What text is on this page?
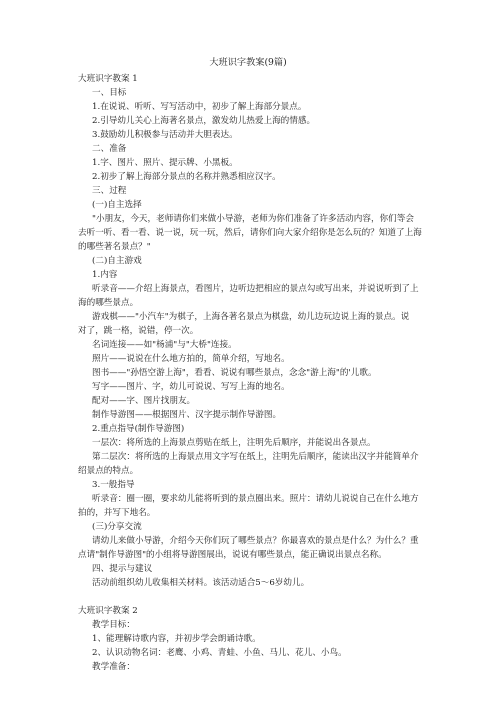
大班识字教案(9篇)
大班识字教案 1
一、目标
1.在说说、听听、写写活动中，初步了解上海部分景点。
2.引导幼儿关心上海著名景点，激发幼儿热爱上海的情感。
3.鼓励幼儿积极参与活动并大胆表达。
二、准备
1.字、图片、照片、提示牌、小黑板。
2.初步了解上海部分景点的名称并熟悉相应汉字。
三、过程
(一)自主选择
"小朋友，今天，老师请你们来做小导游，老师为你们准备了许多活动内容，你们等会
去听一听、看一看、说一说，玩一玩，然后，请你们向大家介绍你是怎么玩的？知道了上海
的哪些著名景点？"
(二)自主游戏
1.内容
听录音——介绍上海景点，看图片，边听边把相应的景点勾或写出来，并说说听到了上
海的哪些景点。
游戏棋——"小汽车"为棋子，上海各著名景点为棋盘，幼儿边玩边说上海的景点。说
对了，跳一格，说错，停一次。
名词连接——如"杨浦"与"大桥"连接。
照片——说说在什么地方拍的，简单介绍，写地名。
图书——"孙悟空游上海"，看看、说说有哪些景点，念念"游上海"的'儿歌。
写字——图片、字，幼儿可说说、写写上海的地名。
配对——字、图片找朋友。
制作导游图——根据图片、汉字提示制作导游图。
2.重点指导(制作导游图)
一层次：将所选的上海景点剪贴在纸上，注明先后顺序，并能说出各景点。
第二层次：将所选的上海景点用文字写在纸上，注明先后顺序，能读出汉字并能简单介
绍景点的特点。
3.一般指导
听录音：圈一圈，要求幼儿能将听到的景点圈出来。照片：请幼儿说说自己在什么地方
拍的，并写下地名。
(三)分享交流
请幼儿来做小导游，介绍今天你们玩了哪些景点？你最喜欢的景点是什么？为什么？重
点请"制作导游图"的小组将导游图展出，说说有哪些景点，能正确说出景点名称。
四、提示与建议
活动前组织幼儿收集相关材料。该活动适合5～6岁幼儿。
大班识字教案 2
教学目标：
1、能理解诗歌内容，并初步学会朗诵诗歌。
2、认识动物名词：老鹰、小鸡、青蛙、小鱼、马儿、花儿、小鸟。
教学准备：
